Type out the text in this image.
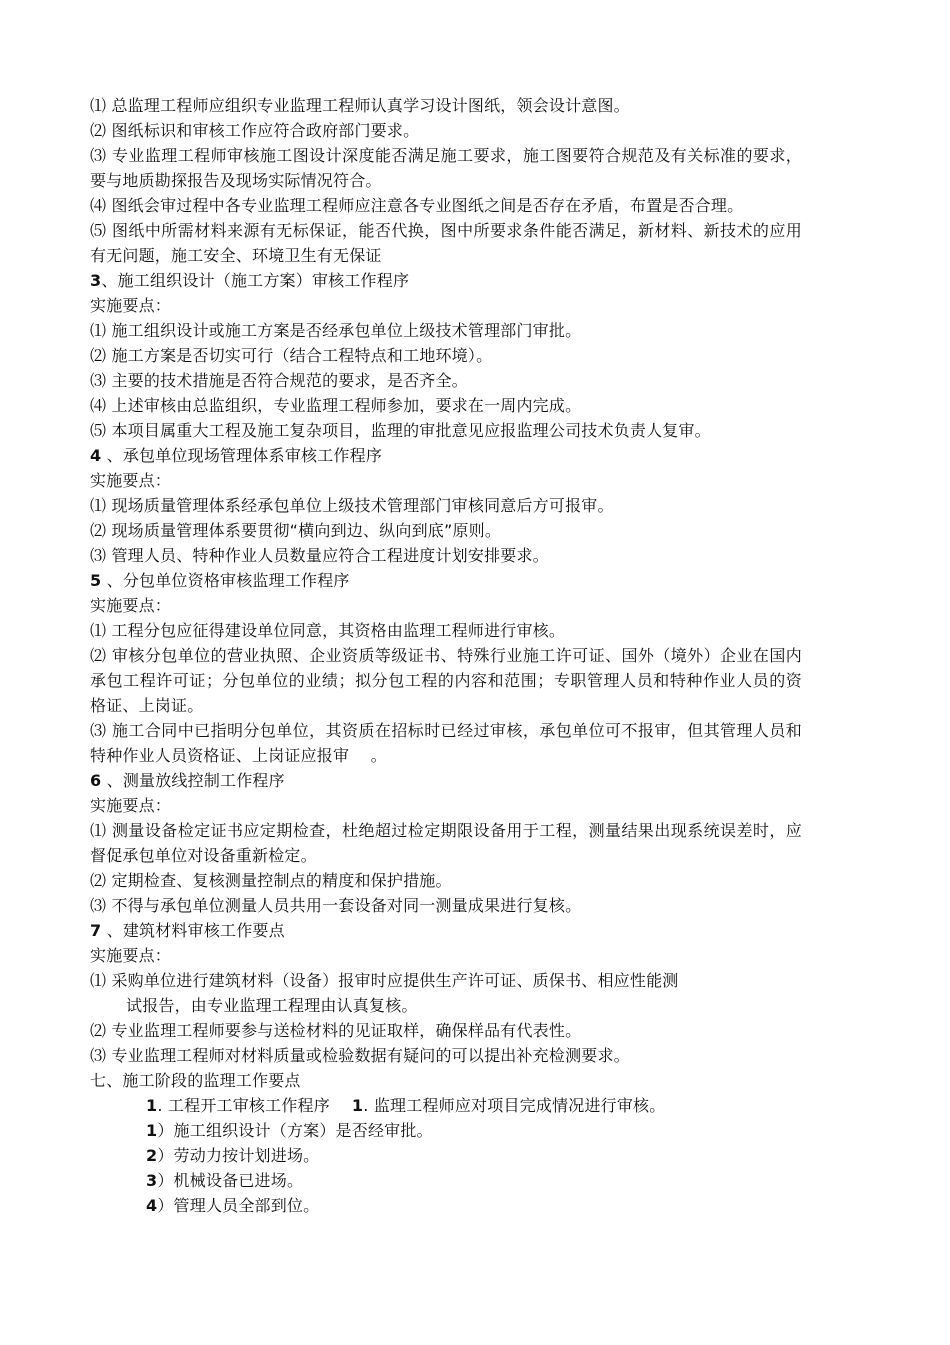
⑴ 总监理工程师应组织专业监理工程师认真学习设计图纸，领会设计意图。
⑵ 图纸标识和审核工作应符合政府部门要求。
⑶ 专业监理工程师审核施工图设计深度能否满足施工要求，施工图要符合规范及有关标准的要求，要与地质勘探报告及现场实际情况符合。
⑷ 图纸会审过程中各专业监理工程师应注意各专业图纸之间是否存在矛盾，布置是否合理。
⑸ 图纸中所需材料来源有无标保证，能否代换，图中所要求条件能否满足，新材料、新技术的应用有无问题，施工安全、环境卫生有无保证
3、施工组织设计（施工方案）审核工作程序
实施要点：
⑴ 施工组织设计或施工方案是否经承包单位上级技术管理部门审批。
⑵ 施工方案是否切实可行（结合工程特点和工地环境）。
⑶ 主要的技术措施是否符合规范的要求，是否齐全。
⑷ 上述审核由总监组织，专业监理工程师参加，要求在一周内完成。
⑸ 本项目属重大工程及施工复杂项目，监理的审批意见应报监理公司技术负责人复审。
4 、承包单位现场管理体系审核工作程序
实施要点：
⑴ 现场质量管理体系经承包单位上级技术管理部门审核同意后方可报审。
⑵ 现场质量管理体系要贯彻“横向到边、纵向到底”原则。
⑶ 管理人员、特种作业人员数量应符合工程进度计划安排要求。
5 、分包单位资格审核监理工作程序
实施要点：
⑴ 工程分包应征得建设单位同意，其资格由监理工程师进行审核。
⑵ 审核分包单位的营业执照、企业资质等级证书、特殊行业施工许可证、国外（境外）企业在国内承包工程许可证；分包单位的业绩；拟分包工程的内容和范围；专职管理人员和特种作业人员的资格证、上岗证。
⑶ 施工合同中已指明分包单位，其资质在招标时已经过审核，承包单位可不报审，但其管理人员和特种作业人员资格证、上岗证应报审　 。
6 、测量放线控制工作程序
实施要点：
⑴ 测量设备检定证书应定期检查，杜绝超过检定期限设备用于工程，测量结果出现系统误差时，应督促承包单位对设备重新检定。
⑵ 定期检查、复核测量控制点的精度和保护措施。
⑶ 不得与承包单位测量人员共用一套设备对同一测量成果进行复核。
7 、建筑材料审核工作要点
实施要点：
⑴ 采购单位进行建筑材料（设备）报审时应提供生产许可证、质保书、相应性能测
试报告，由专业监理工程理由认真复核。
⑵ 专业监理工程师要参与送检材料的见证取样，确保样品有代表性。
⑶ 专业监理工程师对材料质量或检验数据有疑问的可以提出补充检测要求。
七、施工阶段的监理工作要点
1. 工程开工审核工作程序 1. 监理工程师应对项目完成情况进行审核。
1）施工组织设计（方案）是否经审批。
2）劳动力按计划进场。
3）机械设备已进场。
4）管理人员全部到位。
